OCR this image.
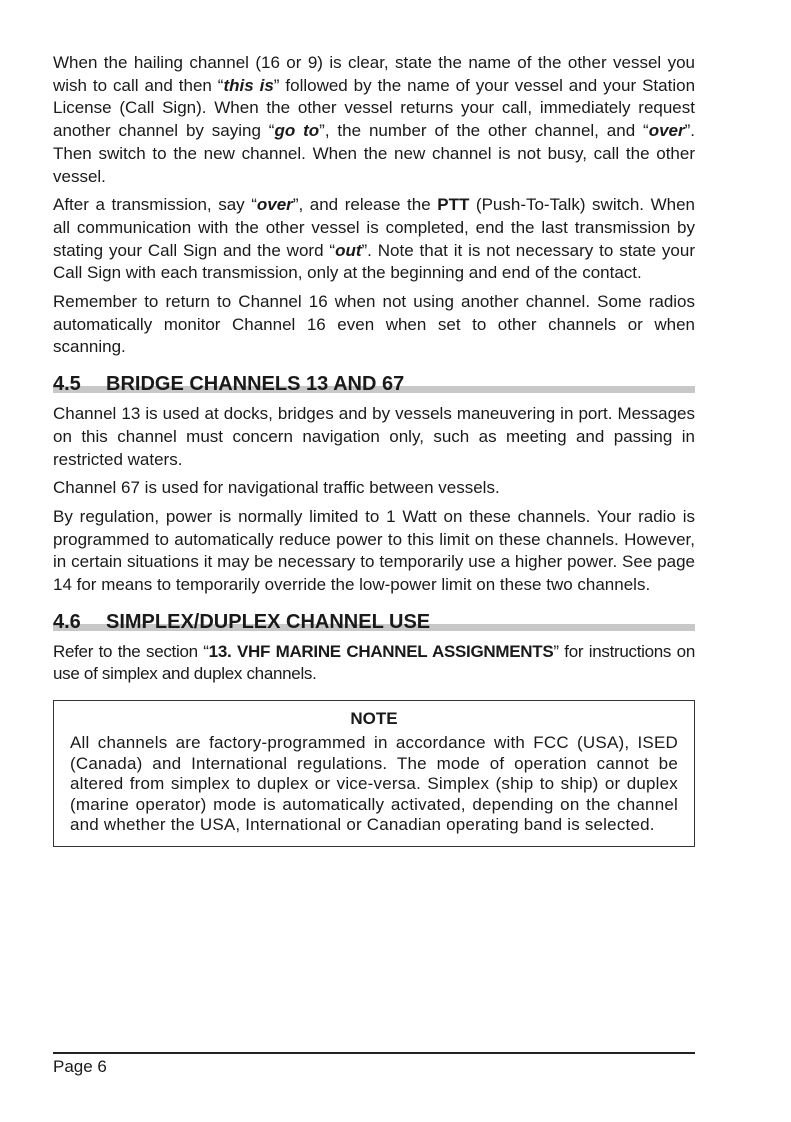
When the hailing channel (16 or 9) is clear, state the name of the other vessel you wish to call and then “this is” followed by the name of your vessel and your Station License (Call Sign). When the other vessel returns your call, immediately request another channel by saying “go to”, the number of the other channel, and “over”. Then switch to the new channel. When the new channel is not busy, call the other vessel.

After a transmission, say “over”, and release the PTT (Push-To-Talk) switch. When all communication with the other vessel is completed, end the last transmission by stating your Call Sign and the word “out”. Note that it is not necessary to state your Call Sign with each transmission, only at the beginning and end of the contact.

Remember to return to Channel 16 when not using another channel. Some radios automatically monitor Channel 16 even when set to other channels or when scanning.

4.5 BRIDGE CHANNELS 13 AND 67

Channel 13 is used at docks, bridges and by vessels maneuvering in port. Messages on this channel must concern navigation only, such as meeting and passing in restricted waters.

Channel 67 is used for navigational traffic between vessels.

By regulation, power is normally limited to 1 Watt on these channels. Your radio is programmed to automatically reduce power to this limit on these channels. However, in certain situations it may be necessary to temporarily use a higher power. See page 14 for means to temporarily override the low-power limit on these two channels.

4.6 SIMPLEX/DUPLEX CHANNEL USE

Refer to the section “13. VHF MARINE CHANNEL ASSIGNMENTS” for instructions on use of simplex and duplex channels.

NOTE
All channels are factory-programmed in accordance with FCC (USA), ISED (Canada) and International regulations. The mode of operation cannot be altered from simplex to duplex or vice-versa. Simplex (ship to ship) or duplex (marine operator) mode is automatically activated, depending on the channel and whether the USA, International or Canadian operating band is selected.
Page 6
